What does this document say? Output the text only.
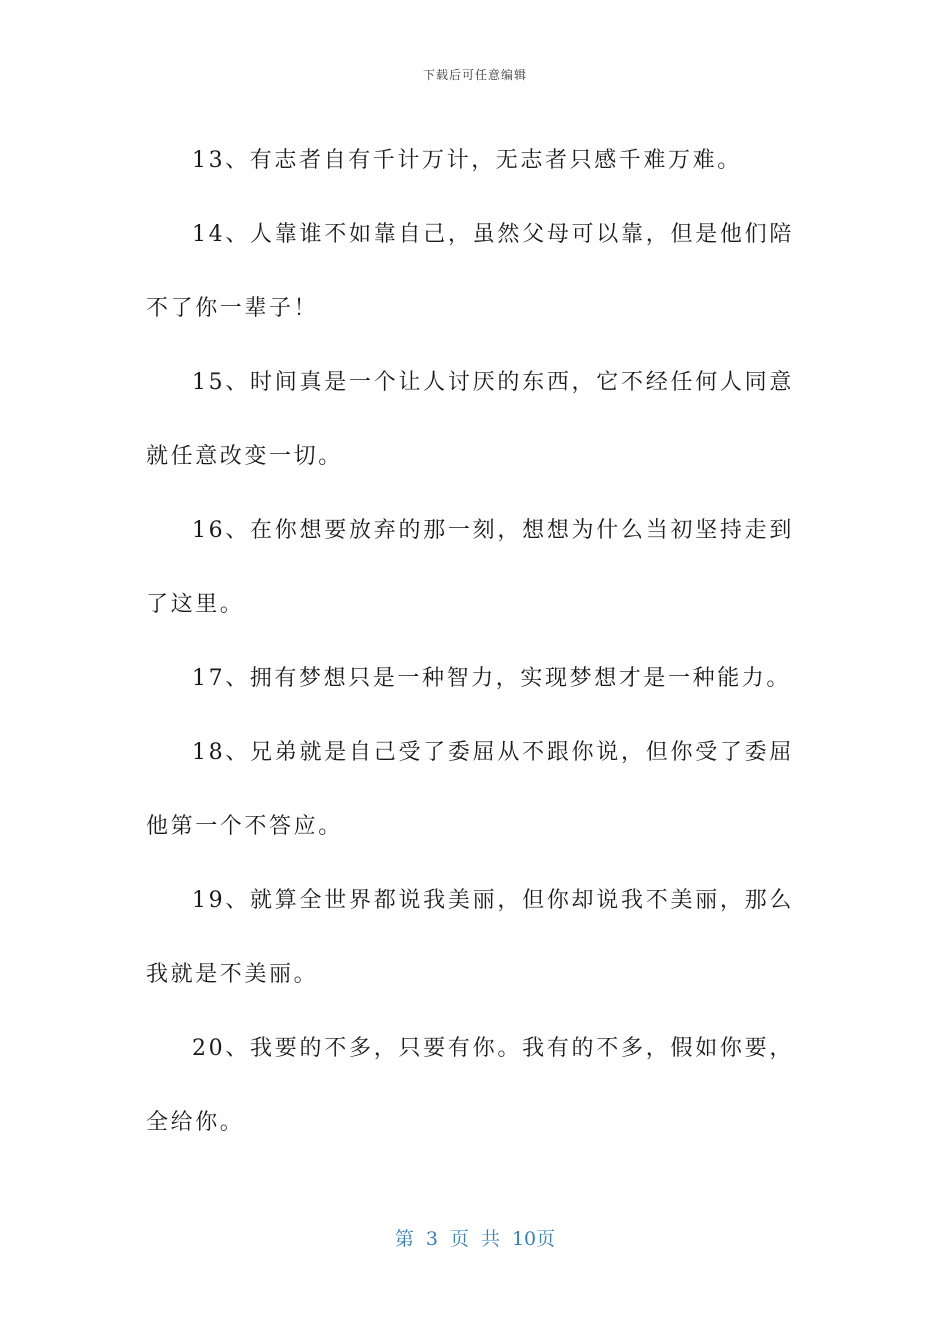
下载后可任意编辑

13、有志者自有千计万计，无志者只感千难万难。

14、人靠谁不如靠自己，虽然父母可以靠，但是他们陪不了你一辈子！

15、时间真是一个让人讨厌的东西，它不经任何人同意就任意改变一切。

16、在你想要放弃的那一刻，想想为什么当初坚持走到了这里。

17、拥有梦想只是一种智力，实现梦想才是一种能力。

18、兄弟就是自己受了委屈从不跟你说，但你受了委屈他第一个不答应。

19、就算全世界都说我美丽，但你却说我不美丽，那么我就是不美丽。

20、我要的不多，只要有你。我有的不多，假如你要，全给你。

第 3 页 共 10页
